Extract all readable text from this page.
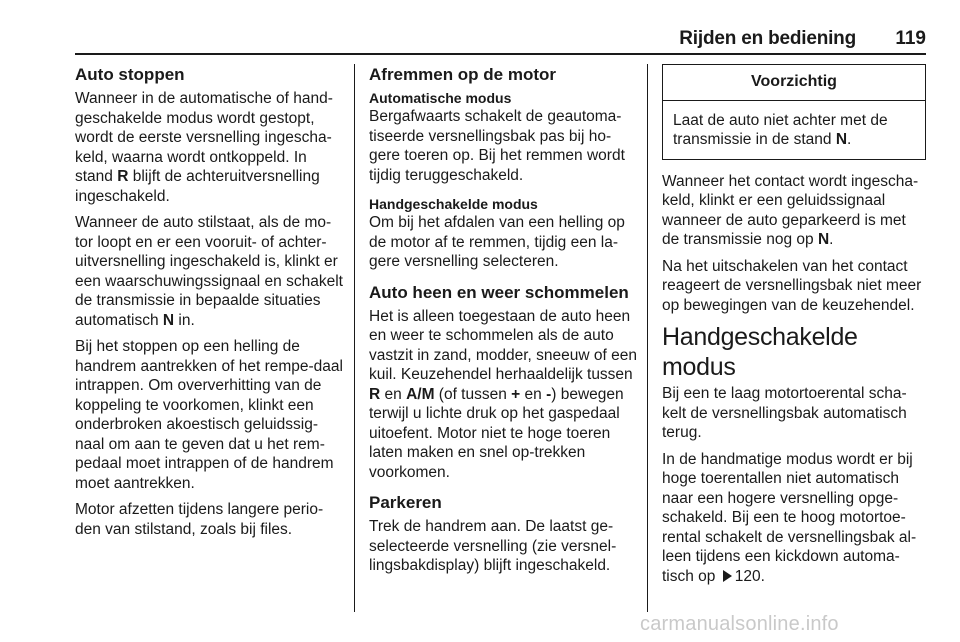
Rijden en bediening	119
Auto stoppen

Wanneer in de automatische of hand-geschakelde modus wordt gestopt, wordt de eerste versnelling ingescha-keld, waarna wordt ontkoppeld. In stand R blijft de achteruitversnelling ingeschakeld.

Wanneer de auto stilstaat, als de mo-tor loopt en er een vooruit- of achter-uitversnelling ingeschakeld is, klinkt er een waarschuwingssignaal en schakelt de transmissie in bepaalde situaties automatisch N in.

Bij het stoppen op een helling de handrem aantrekken of het rempe-daal intrappen. Om oververhitting van de koppeling te voorkomen, klinkt een onderbroken akoestisch geluidssig-naal om aan te geven dat u het rem-pedaal moet intrappen of de handrem moet aantrekken.

Motor afzetten tijdens langere perio-den van stilstand, zoals bij files.

Afremmen op de motor
Automatische modus

Bergafwaarts schakelt de geautoma-tiseerde versnellingsbak pas bij ho-gere toeren op. Bij het remmen wordt tijdig teruggeschakeld.

Handgeschakelde modus

Om bij het afdalen van een helling op de motor af te remmen, tijdig een la-gere versnelling selecteren.

Auto heen en weer schommelen

Het is alleen toegestaan de auto heen en weer te schommelen als de auto vastzit in zand, modder, sneeuw of een kuil. Keuzehendel herhaaldelijk tussen R en A/M (of tussen + en -) bewegen terwijl u lichte druk op het gaspedaal uitoefent. Motor niet te hoge toeren laten maken en snel op-trekken voorkomen.

Parkeren

Trek de handrem aan. De laatst ge-selecteerde versnelling (zie versnel-lingsbakdisplay) blijft ingeschakeld.

Voorzichtig
Laat de auto niet achter met de transmissie in de stand N.

Wanneer het contact wordt ingescha-keld, klinkt er een geluidssignaal wanneer de auto geparkeerd is met de transmissie nog op N.

Na het uitschakelen van het contact reageert de versnellingsbak niet meer op bewegingen van de keuzehendel.

Handgeschakelde modus

Bij een te laag motortoerental scha-kelt de versnellingsbak automatisch terug.

In de handmatige modus wordt er bij hoge toerentallen niet automatisch naar een hogere versnelling opge-schakeld. Bij een te hoog motortoe-rental schakelt de versnellingsbak al-leen tijdens een kickdown automa-tisch op 120.

carmanualsonline.info
